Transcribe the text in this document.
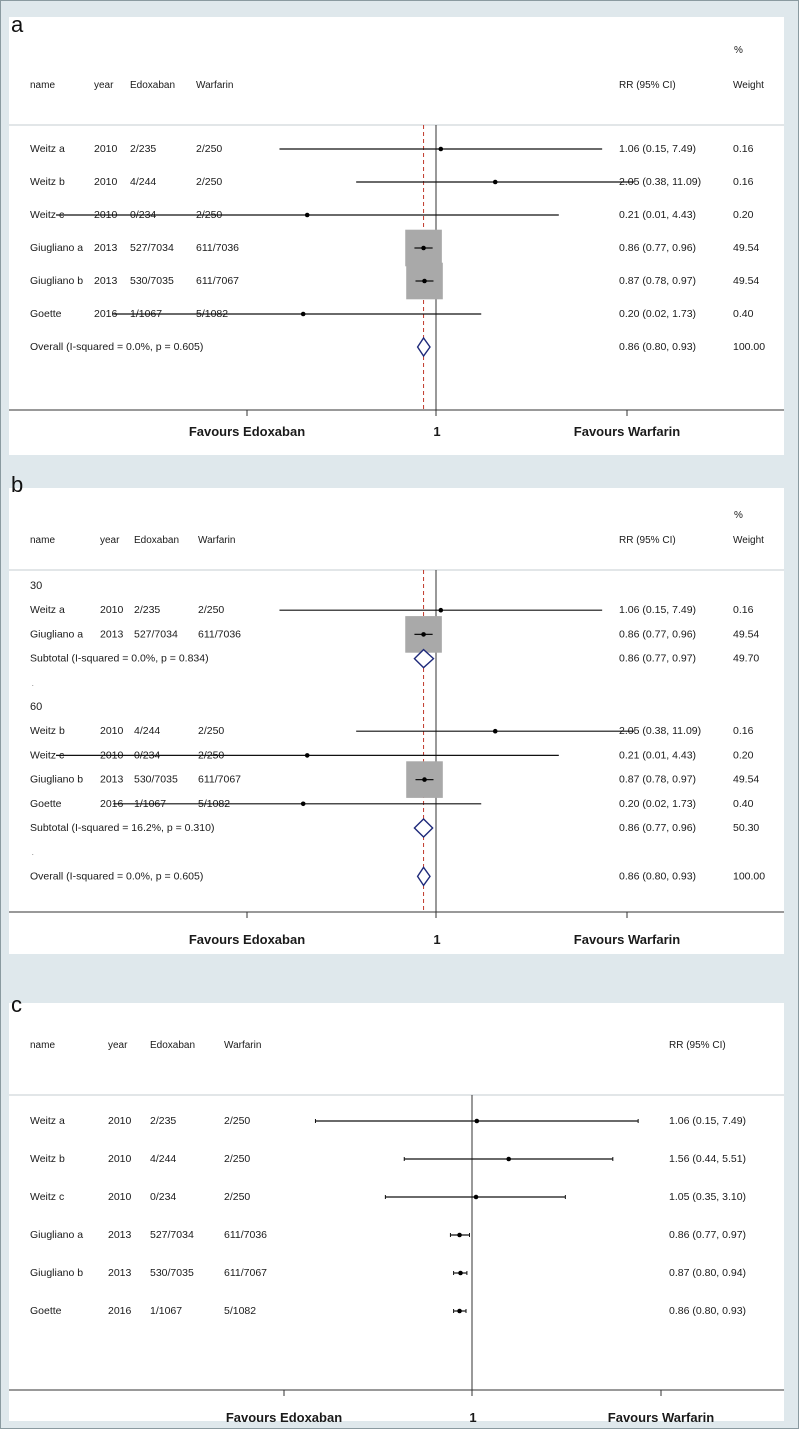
a
name	year Edoxaban Warfarin	RR (95% CI)
%
Weight
Favours Edoxaban	1	Favours Warfarin
Weitz a	2010 2/235	2/250	1.06 (0.15, 7.49)	0.16
Weitz b	2010 4/244	2/250	2.05 (0.38, 11.09)	0.16
Weitz c	2010 0/234	2/250	0.21 (0.01, 4.43)	0.20
Giugliano a 2013 527/7034 611/7036	0.86 (0.77, 0.96)	49.54
Giugliano b 2013 530/7035 611/7067	0.87 (0.78, 0.97)	49.54
Goette	2016 1/1067	5/1082	0.20 (0.02, 1.73)	0.40
Overall (I-squared = 0.0%, p = 0.605)	0.86 (0.80, 0.93)	100.00
b
name	year Edoxaban Warfarin	RR (95% CI)
%
Weight
Favours Edoxaban	1	Favours Warfarin
30
Weitz a	2010 2/235	2/250	1.06 (0.15, 7.49)	0.16
Giugliano a 2013 527/7034 611/7036	0.86 (0.77, 0.96)	49.54
Subtotal (I-squared = 0.0%, p = 0.834)	0.86 (0.77, 0.97)	49.70
.
60
Weitz b	2010 4/244	2/250	2.05 (0.38, 11.09)	0.16
Weitz c	2010 0/234	2/250	0.21 (0.01, 4.43)	0.20
Giugliano b 2013 530/7035 611/7067	0.87 (0.78, 0.97)	49.54
Goette	2016 1/1067	5/1082	0.20 (0.02, 1.73)	0.40
Subtotal (I-squared = 16.2%, p = 0.310)	0.86 (0.77, 0.96)	50.30
.
Overall (I-squared = 0.0%, p = 0.605)	0.86 (0.80, 0.93)	100.00
c
name	year Edoxaban	Warfarin	RR (95% CI)
Favours Edoxaban	1	Favours Warfarin
Weitz a	2010 2/235	2/250	1.06 (0.15, 7.49)
Weitz b	2010 4/244	2/250	1.56 (0.44, 5.51)
Weitz c	2010 0/234	2/250	1.05 (0.35, 3.10)
Giugliano a 2013 527/7034	611/7036	0.86 (0.77, 0.97)
Giugliano b 2013 530/7035	611/7067	0.87 (0.80, 0.94)
Goette	2016 1/1067	5/1082	0.86 (0.80, 0.93)
